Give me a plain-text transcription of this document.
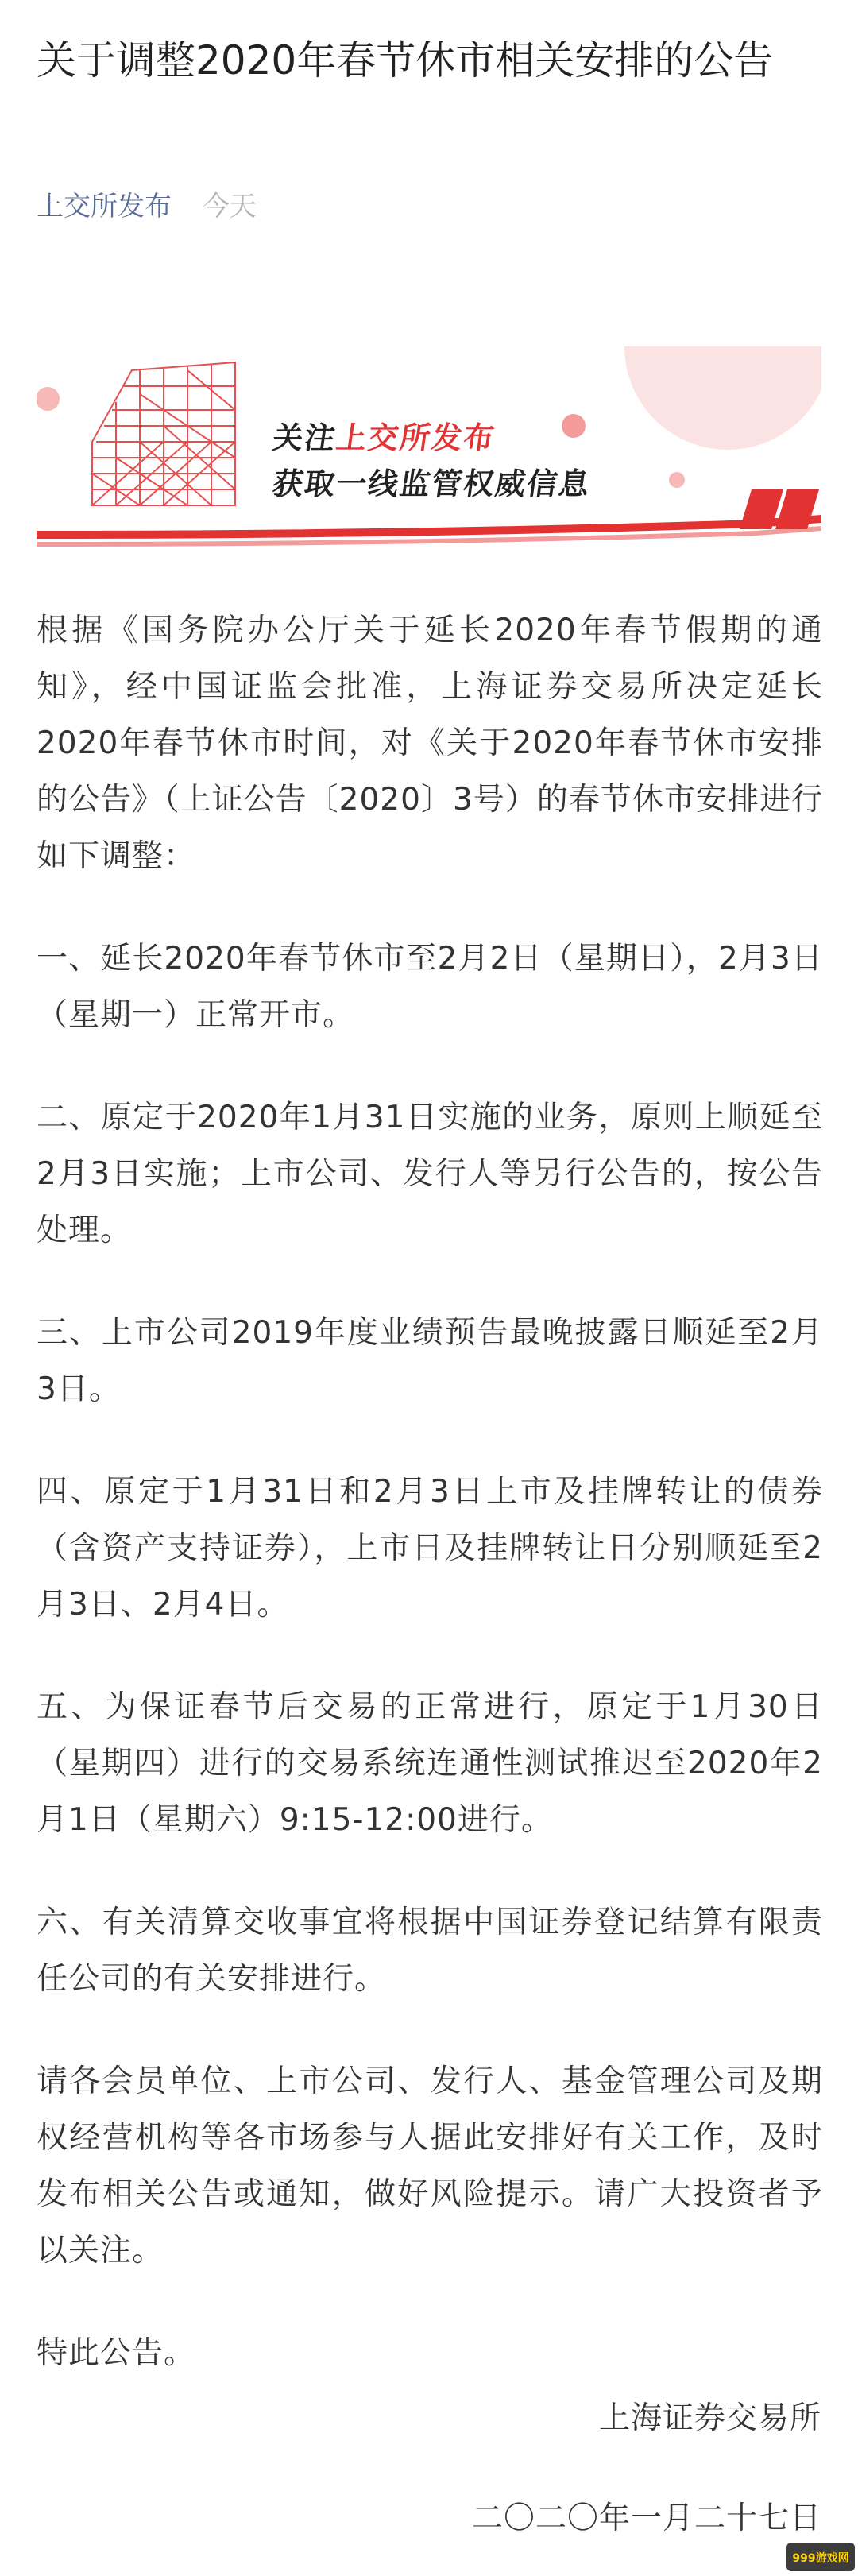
关于调整2020年春节休市相关安排的公告
上交所发布 今天
关注上交所发布
获取一线监管权威信息

根据《国务院办公厅关于延长2020年春节假期的通知》，经中国证监会批准，上海证券交易所决定延长2020年春节休市时间，对《关于2020年春节休市安排的公告》（上证公告〔2020〕3号）的春节休市安排进行如下调整：

一、延长2020年春节休市至2月2日（星期日），2月3日（星期一）正常开市。

二、原定于2020年1月31日实施的业务，原则上顺延至2月3日实施；上市公司、发行人等另行公告的，按公告处理。

三、上市公司2019年度业绩预告最晚披露日顺延至2月3日。

四、原定于1月31日和2月3日上市及挂牌转让的债券（含资产支持证券），上市日及挂牌转让日分别顺延至2月3日、2月4日。

五、为保证春节后交易的正常进行，原定于1月30日（星期四）进行的交易系统连通性测试推迟至2020年2月1日（星期六）9:15-12:00进行。

六、有关清算交收事宜将根据中国证券登记结算有限责任公司的有关安排进行。

请各会员单位、上市公司、发行人、基金管理公司及期权经营机构等各市场参与人据此安排好有关工作，及时发布相关公告或通知，做好风险提示。请广大投资者予以关注。

特此公告。

上海证券交易所
二〇二〇年一月二十七日
999游戏网
